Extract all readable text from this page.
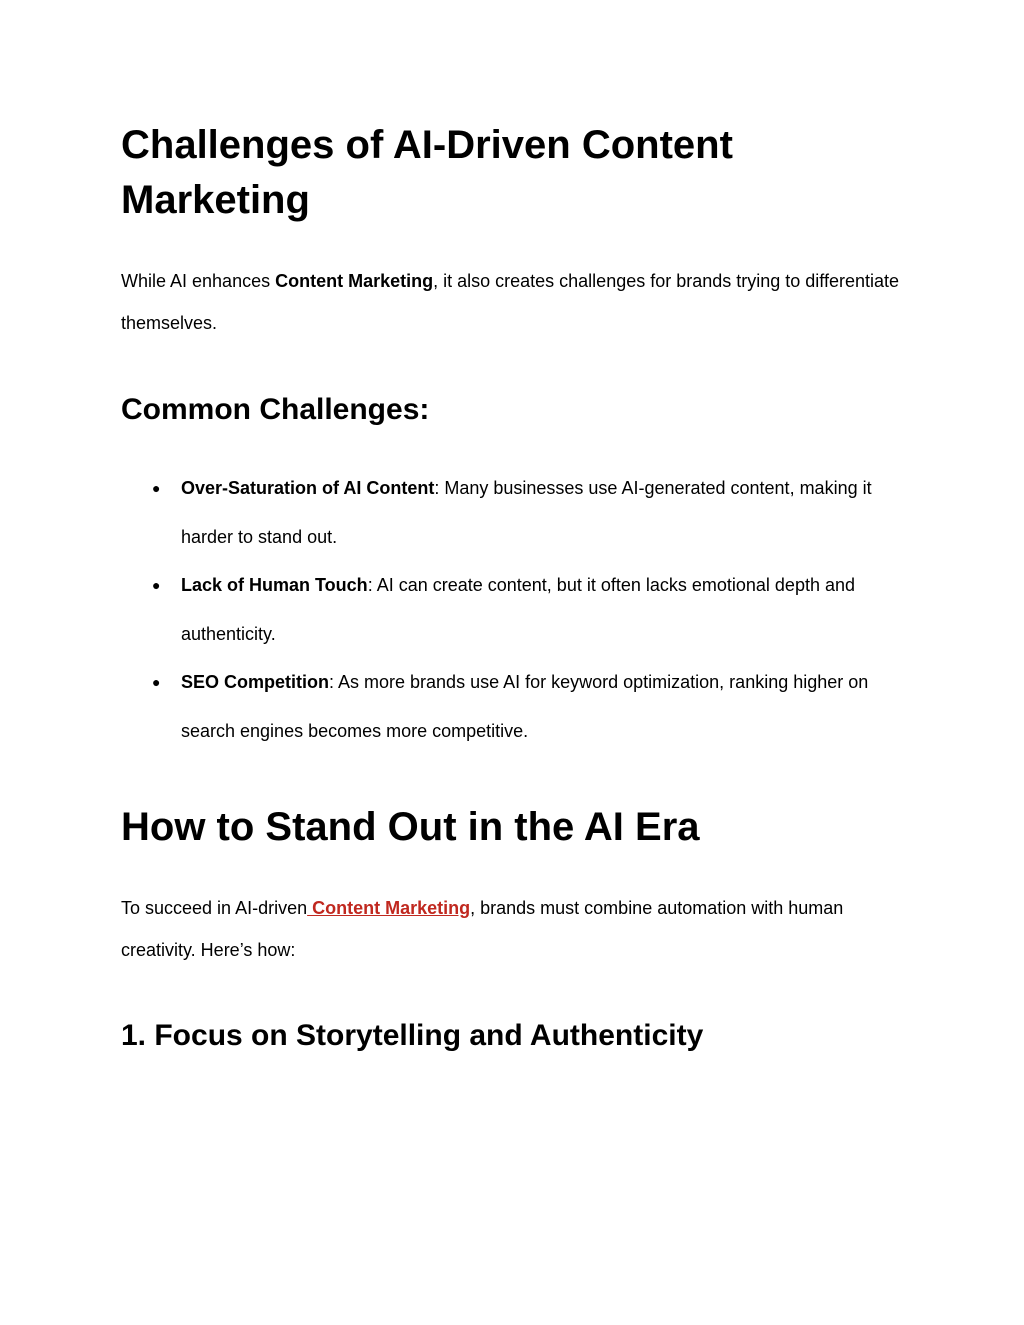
Challenges of AI-Driven Content Marketing

While AI enhances Content Marketing, it also creates challenges for brands trying to differentiate themselves.

Common Challenges:
● Over-Saturation of AI Content: Many businesses use AI-generated content, making it harder to stand out.
● Lack of Human Touch: AI can create content, but it often lacks emotional depth and authenticity.
● SEO Competition: As more brands use AI for keyword optimization, ranking higher on search engines becomes more competitive.
How to Stand Out in the AI Era

To succeed in AI-driven Content Marketing, brands must combine automation with human creativity. Here’s how:

1. Focus on Storytelling and Authenticity
